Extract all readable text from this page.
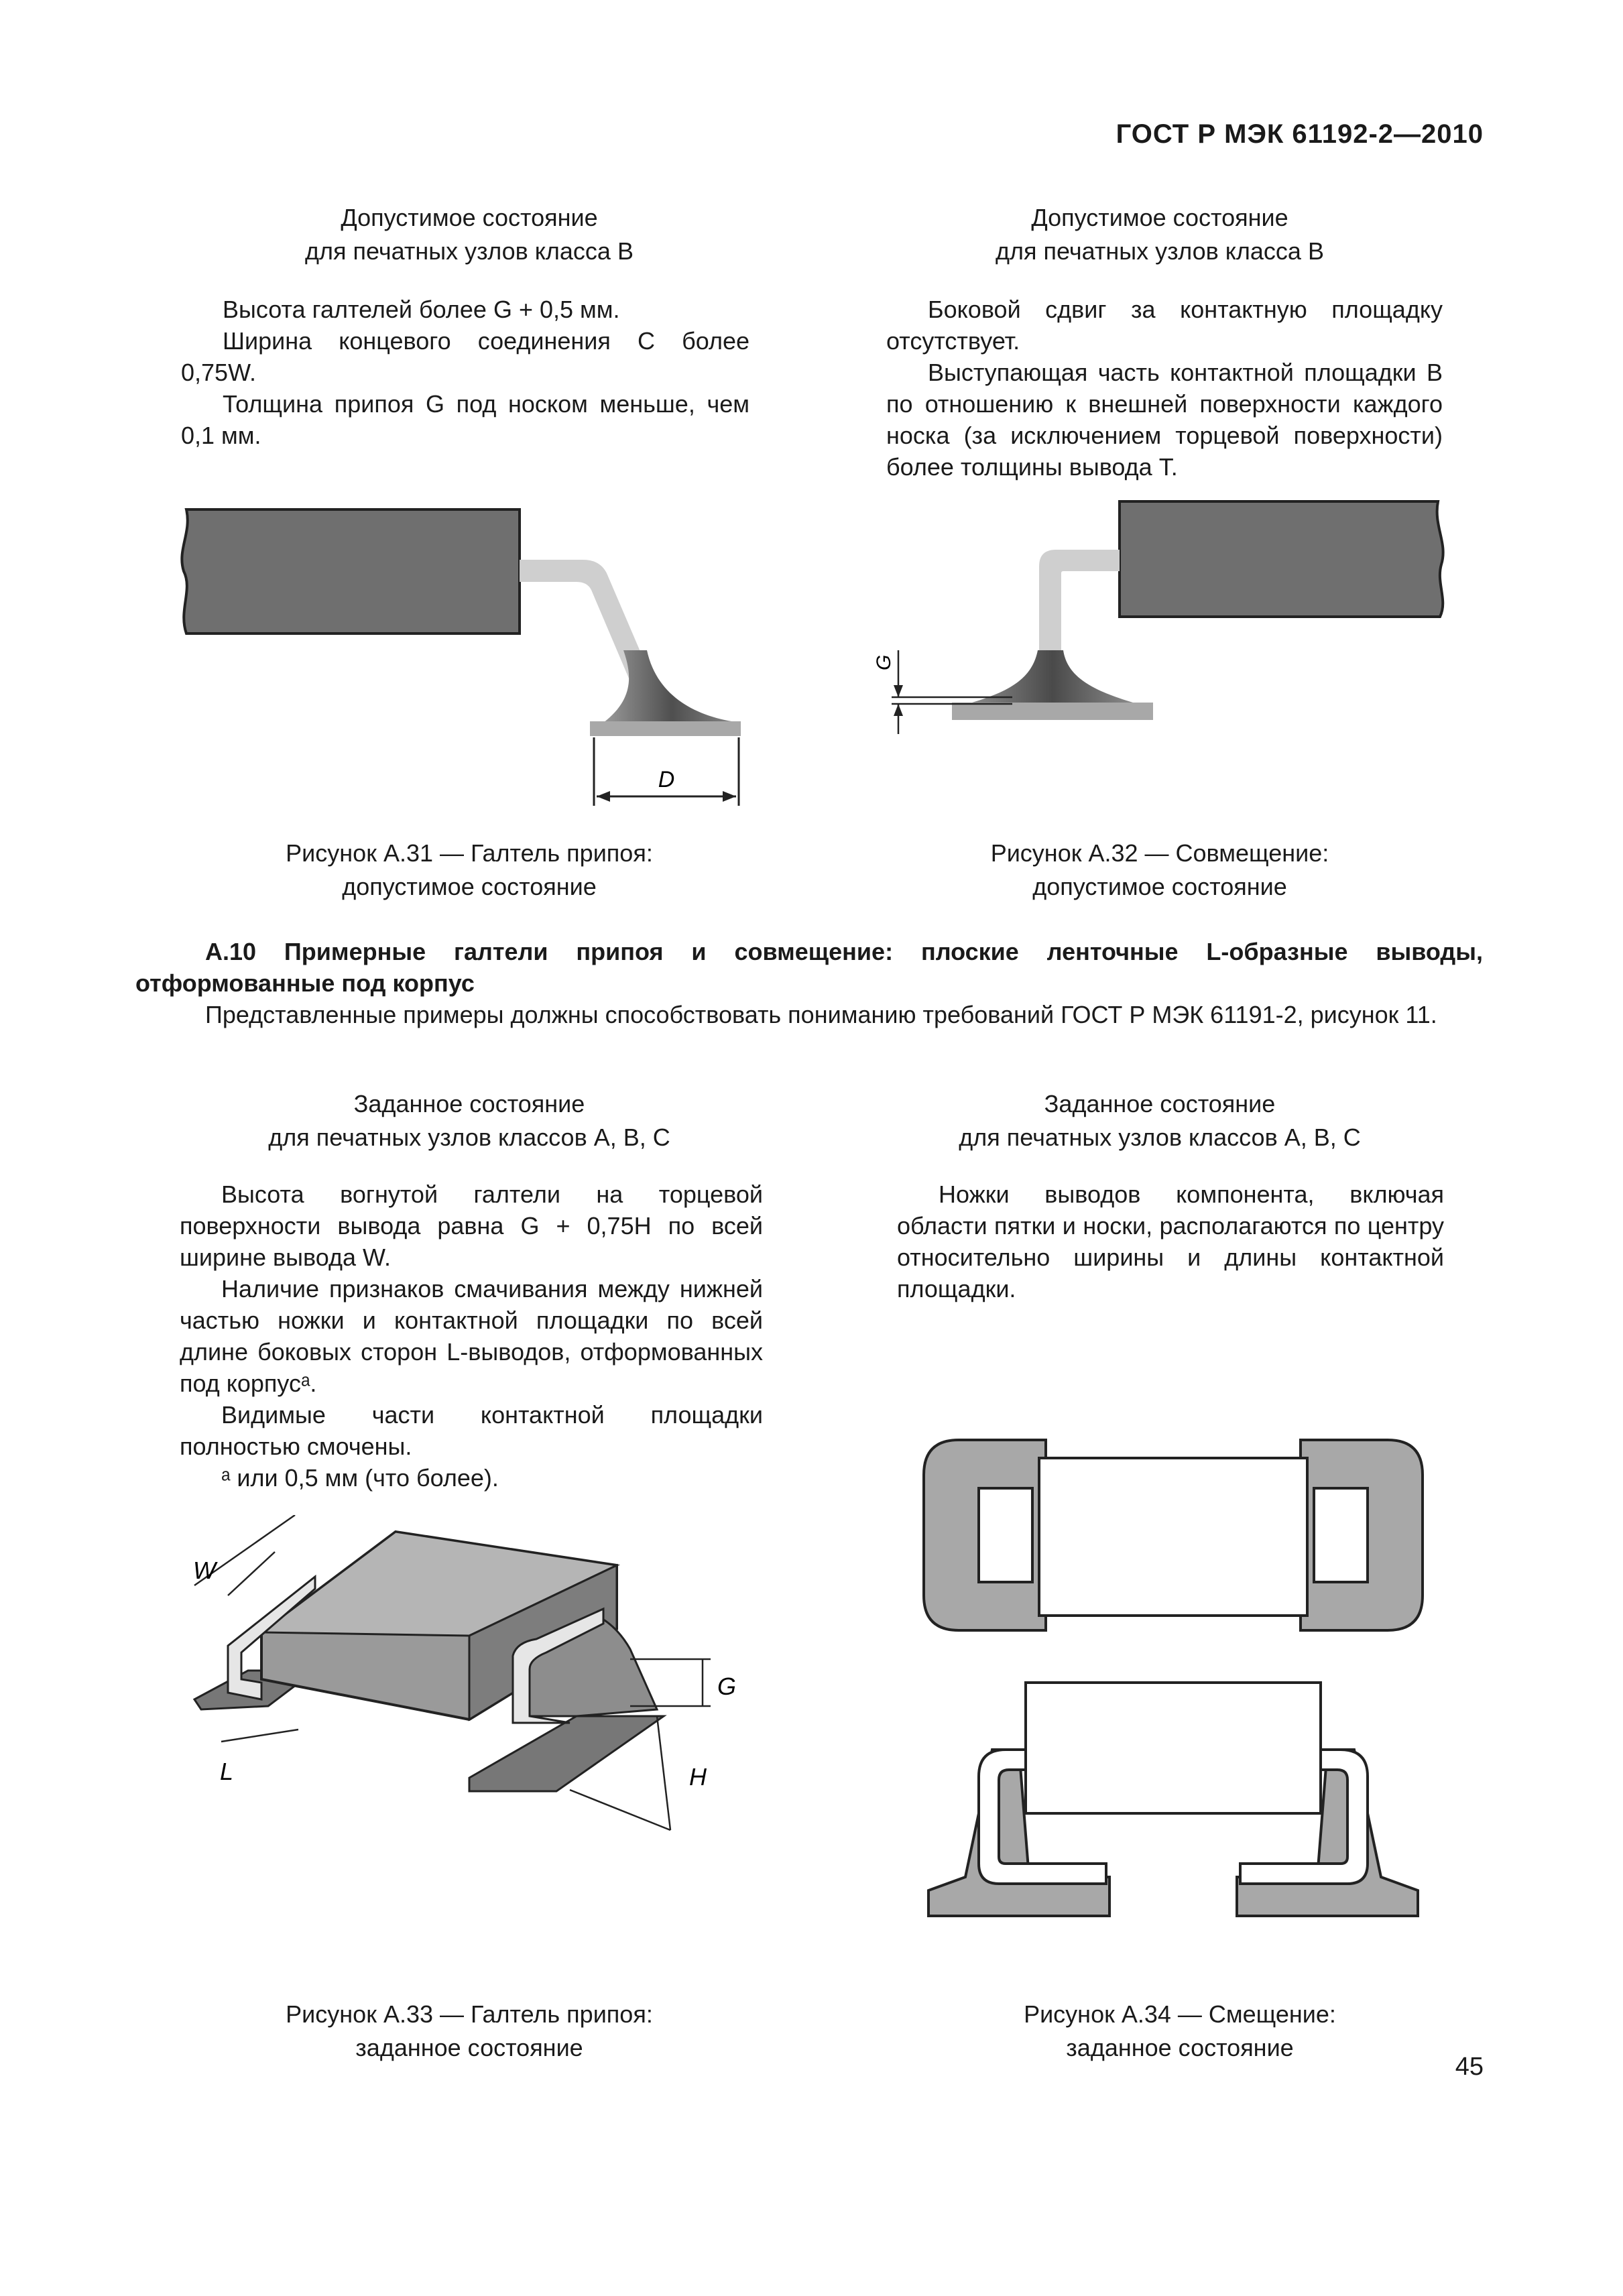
ГОСТ Р МЭК 61192-2—2010
Допустимое состояние
для печатных узлов класса В

Высота галтелей более G + 0,5 мм.

Ширина концевого соединения C более 0,75W.

Толщина припоя G под носком меньше, чем 0,1 мм.

D
Рисунок А.31 — Галтель припоя:
допустимое состояние
Допустимое состояние
для печатных узлов класса В

Боковой сдвиг за контактную площадку отсутствует.

Выступающая часть контактной площадки B по отношению к внешней поверхности каждого носка (за исключением торцевой поверхности) более толщины вывода T.

G
Рисунок А.32 — Совмещение:
допустимое состояние

А.10 Примерные галтели припоя и совмещение: плоские ленточные L-образные выводы, отформованные под корпус

Представленные примеры должны способствовать пониманию требований ГОСТ Р МЭК 61191-2, рисунок 11.

Заданное состояние
для печатных узлов классов А, В, С

Высота вогнутой галтели на торцевой поверхности вывода равна G + 0,75H по всей ширине вывода W.

Наличие признаков смачивания между нижней частью ножки и контактной площадки по всей длине боковых сторон L-выводов, отформованных под корпусᵃ.

Видимые части контактной площадки полностью смочены.

ᵃ или 0,5 мм (что более).

W
L
G
H
Рисунок А.33 — Галтель припоя:
заданное состояние
Заданное состояние
для печатных узлов классов А, В, С

Ножки выводов компонента, включая области пятки и носки, располагаются по центру относительно ширины и длины контактной площадки.

Рисунок А.34 — Смещение:
заданное состояние
45
